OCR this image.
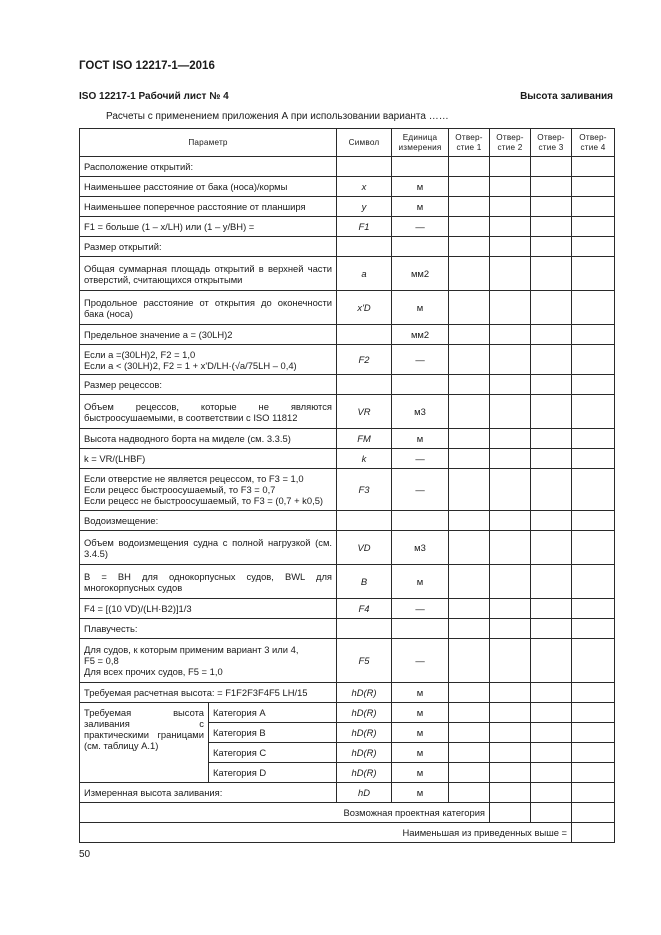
ГОСТ ISO 12217-1—2016
ISO 12217-1 Рабочий лист № 4	Высота заливания
Расчеты с применением приложения А при использовании варианта ……
Параметр		Символ	Единица измерения	Отвер-стие 1	Отвер-стие 2	Отвер-стие 3	Отвер-стие 4
Расположение открытий:							
Наименьшее расстояние от бака (носа)/кормы		x	м				
Наименьшее поперечное расстояние от планширя		y	м				
F1 = больше (1 – x/LH) или (1 – y/BH) =		F1	—				
Размер открытий:							
Общая суммарная площадь открытий в верхней части отверстий, считающихся открытыми		a	мм2				
Продольное расстояние от открытия до оконечности бака (носа)		x'D	м				
Предельное значение a = (30LH)2			мм2				
Если a =(30LH)2, F2 = 1,0
Если a < (30LH)2, F2 = 1 + x'D/LH·(√a/75LH – 0,4)		F2	—				
Размер рецессов:							
Объем рецессов, которые не являются быстроосушаемыми, в соответствии с ISO 11812		VR	м3				
Высота надводного борта на миделе (см. 3.3.5)		FM	м				
k = VR/(LHBF)		k	—				
Если отверстие не является рецессом, то F3 = 1,0
Если рецесс быстроосушаемый, то F3 = 0,7
Если рецесс не быстроосушаемый, то F3 = (0,7 + k0,5)		F3	—				
Водоизмещение:							
Объем водоизмещения судна с полной нагрузкой (см. 3.4.5)		VD	м3				
B = BH для однокорпусных судов, BWL для многокорпусных судов		B	м				
F4 = [(10 VD)/(LH·B2)]1/3		F4	—				
Плавучесть:							
Для судов, к которым применим вариант 3 или 4,
F5 = 0,8
Для всех прочих судов, F5 = 1,0		F5	—				
Требуемая расчетная высота: = F1F2F3F4F5 LH/15		hD(R)	м				
Требуемая высота заливания с практическими границами (см. таблицу А.1)	Категория A	hD(R)	м				
	Категория B	hD(R)	м				
	Категория C	hD(R)	м				
	Категория D	hD(R)	м				
Измеренная высота заливания:		hD	м				
Возможная проектная категория							
Наименьшая из приведенных выше =							
50
